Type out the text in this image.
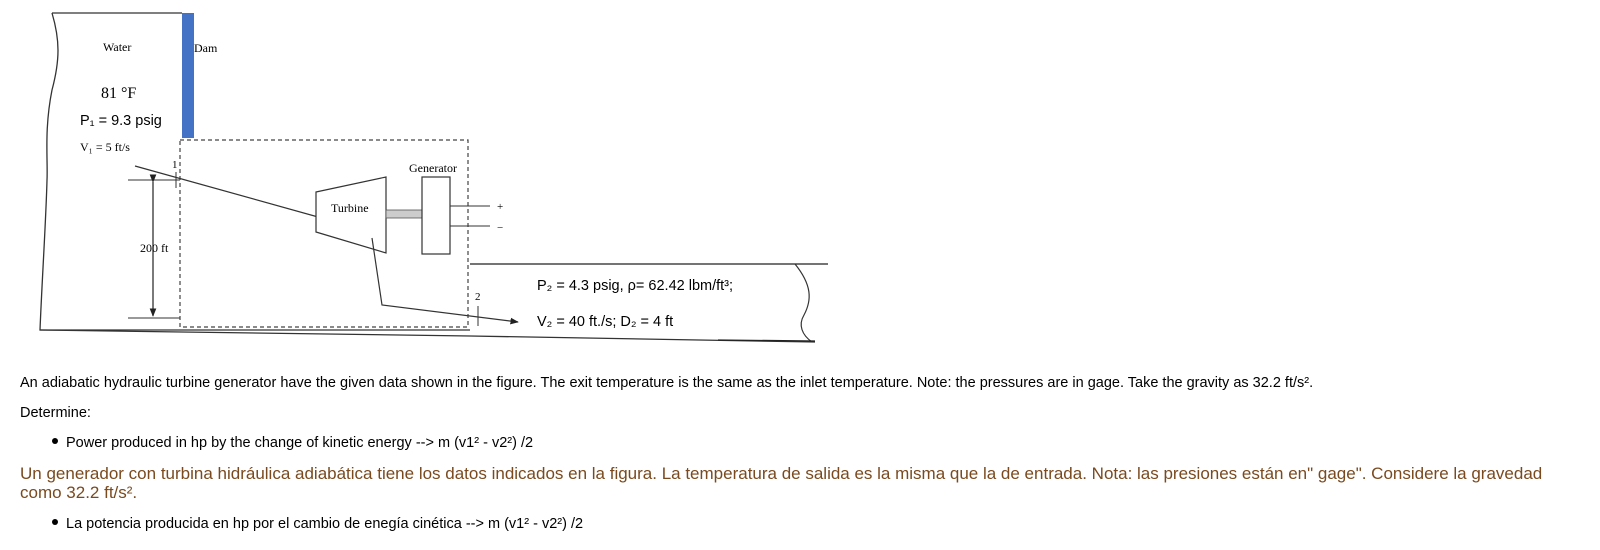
Water	Dam
81 °F
P₁ = 9.3 psig
V₁ = 5 ft/s
1
200 ft
Turbine
Generator
+
−
2
P₂ = 4.3 psig, ρ= 62.42 lbm/ft³;
V₂ = 40 ft./s; D₂ = 4 ft
An adiabatic hydraulic turbine generator have the given data shown in the figure. The exit temperature is the same as the inlet temperature. Note: the pressures are in gage. Take the gravity as 32.2 ft/s².
Determine:
Power produced in hp by the change of kinetic energy --> m (v1² - v2²) /2
Un generador con turbina hidráulica adiabática tiene los datos indicados en la figura. La temperatura de salida es la misma que la de entrada. Nota: las presiones están en" gage". Considere la gravedad como 32.2 ft/s².
La potencia producida en hp por el cambio de enegía cinética --> m (v1² - v2²) /2
